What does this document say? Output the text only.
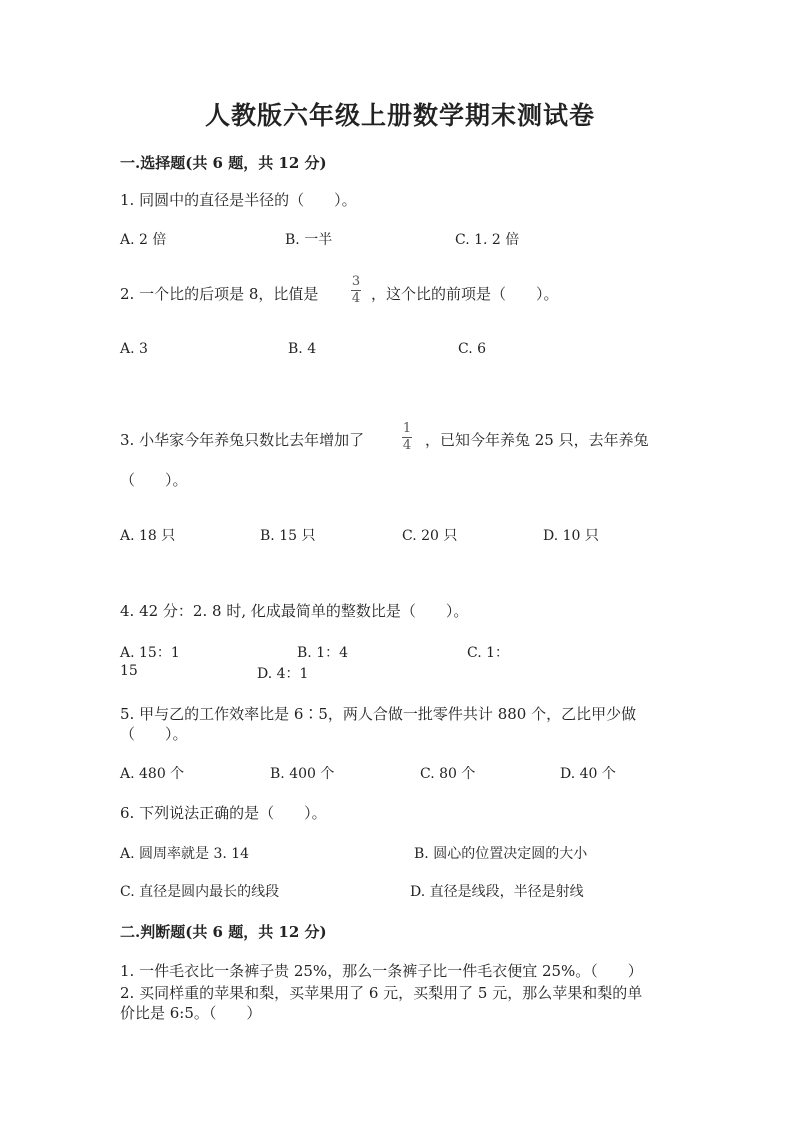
人教版六年级上册数学期末测试卷
一.选择题(共 6 题，共 12 分)
1. 同圆中的直径是半径的（　　）。
A. 2 倍	B. 一半	C. 1. 2 倍
2. 一个比的后项是 8，比值是
3
4 ，这个比的前项是（　　）。
A. 3	B. 4	C. 6
3. 小华家今年养兔只数比去年增加了
1
4 ，已知今年养兔 25 只，去年养兔
（　　）。
A. 18 只	B. 15 只	C. 20 只	D. 10 只
4. 42 分：2. 8 时, 化成最简单的整数比是（　　）。
A. 15：1	B. 1：4	C. 1：
15	D. 4：1
5. 甲与乙的工作效率比是 6∶5，两人合做一批零件共计 880 个，乙比甲少做
（　　）。
A. 480 个	B. 400 个	C. 80 个	D. 40 个
6. 下列说法正确的是（　　）。
A. 圆周率就是 3. 14	B. 圆心的位置决定圆的大小
C. 直径是圆内最长的线段	D. 直径是线段，半径是射线
二.判断题(共 6 题，共 12 分)
1. 一件毛衣比一条裤子贵 25%，那么一条裤子比一件毛衣便宜 25%。（　　）
2. 买同样重的苹果和梨，买苹果用了 6 元，买梨用了 5 元，那么苹果和梨的单
价比是 6:5。（　　）
